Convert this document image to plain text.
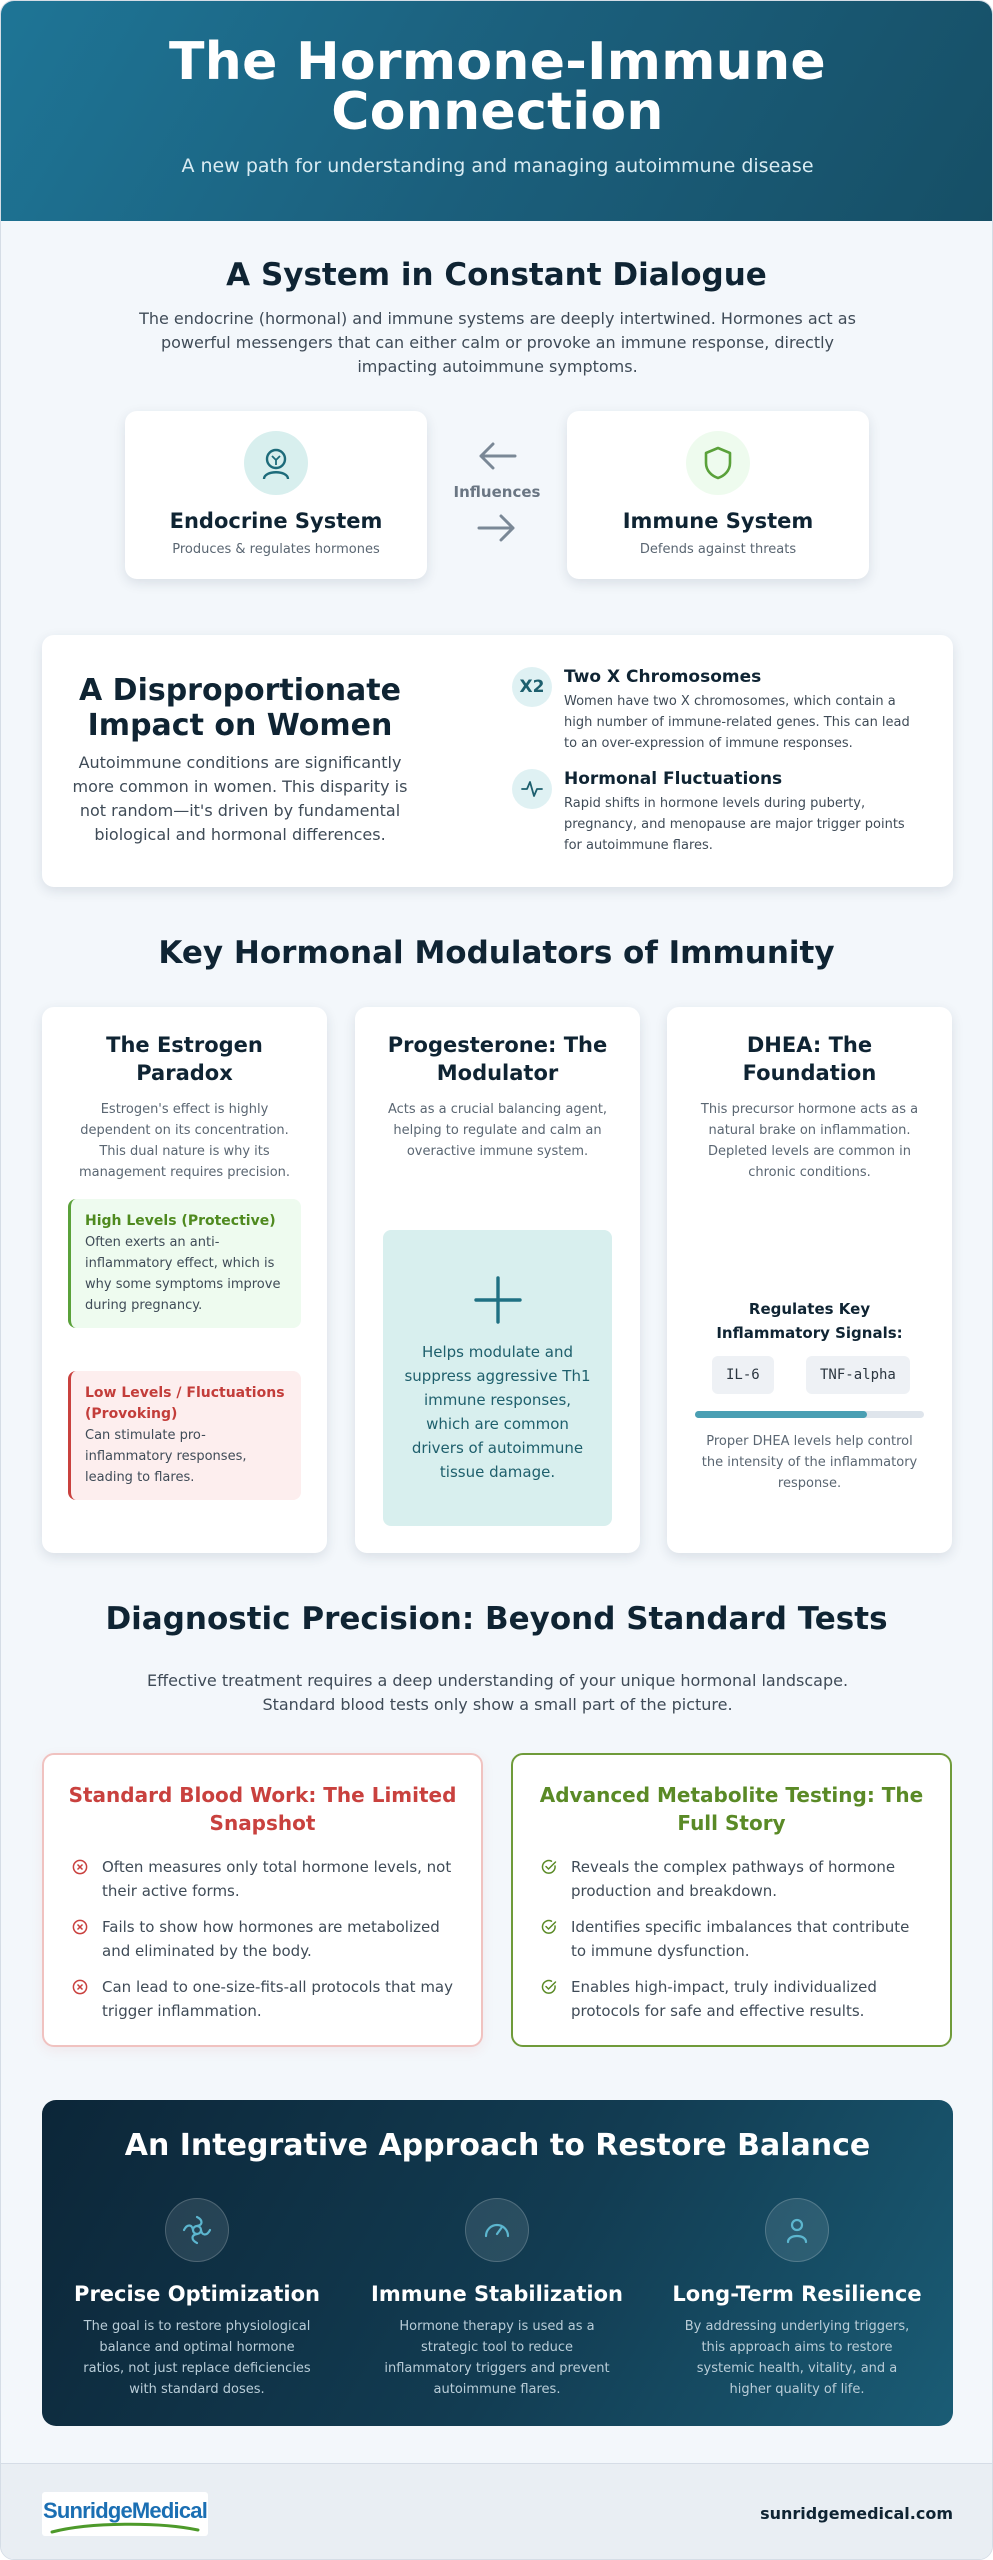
The Hormone-Immune Connection
A new path for understanding and managing autoimmune disease
A System in Constant Dialogue
The endocrine (hormonal) and immune systems are deeply intertwined. Hormones act as powerful messengers that can either calm or provoke an immune response, directly impacting autoimmune symptoms.
Endocrine System
Produces & regulates hormones
Influences
Immune System
Defends against threats
A Disproportionate Impact on Women
Autoimmune conditions are significantly more common in women. This disparity is not random—it's driven by fundamental biological and hormonal differences.
X2	Two X Chromosomes
Women have two X chromosomes, which contain a high number of immune-related genes. This can lead to an over-expression of immune responses.
Hormonal Fluctuations
Rapid shifts in hormone levels during puberty, pregnancy, and menopause are major trigger points for autoimmune flares.
Key Hormonal Modulators of Immunity
The Estrogen Paradox
Estrogen's effect is highly dependent on its concentration. This dual nature is why its management requires precision.
High Levels (Protective)
Often exerts an anti-inflammatory effect, which is why some symptoms improve during pregnancy.
Low Levels / Fluctuations (Provoking)
Can stimulate pro-inflammatory responses, leading to flares.
Progesterone: The Modulator
Acts as a crucial balancing agent, helping to regulate and calm an overactive immune system.
Helps modulate and suppress aggressive Th1 immune responses, which are common drivers of autoimmune tissue damage.
DHEA: The Foundation
This precursor hormone acts as a natural brake on inflammation. Depleted levels are common in chronic conditions.
Regulates Key Inflammatory Signals:
IL-6	TNF-alpha
Proper DHEA levels help control the intensity of the inflammatory response.
Diagnostic Precision: Beyond Standard Tests
Effective treatment requires a deep understanding of your unique hormonal landscape. Standard blood tests only show a small part of the picture.
Standard Blood Work: The Limited Snapshot
Often measures only total hormone levels, not their active forms.
Fails to show how hormones are metabolized and eliminated by the body.
Can lead to one-size-fits-all protocols that may trigger inflammation.
Advanced Metabolite Testing: The Full Story
Reveals the complex pathways of hormone production and breakdown.
Identifies specific imbalances that contribute to immune dysfunction.
Enables high-impact, truly individualized protocols for safe and effective results.
An Integrative Approach to Restore Balance
Precise Optimization
The goal is to restore physiological balance and optimal hormone ratios, not just replace deficiencies with standard doses.
Immune Stabilization
Hormone therapy is used as a strategic tool to reduce inflammatory triggers and prevent autoimmune flares.
Long-Term Resilience
By addressing underlying triggers, this approach aims to restore systemic health, vitality, and a higher quality of life.
SunridgeMedical	sunridgemedical.com
